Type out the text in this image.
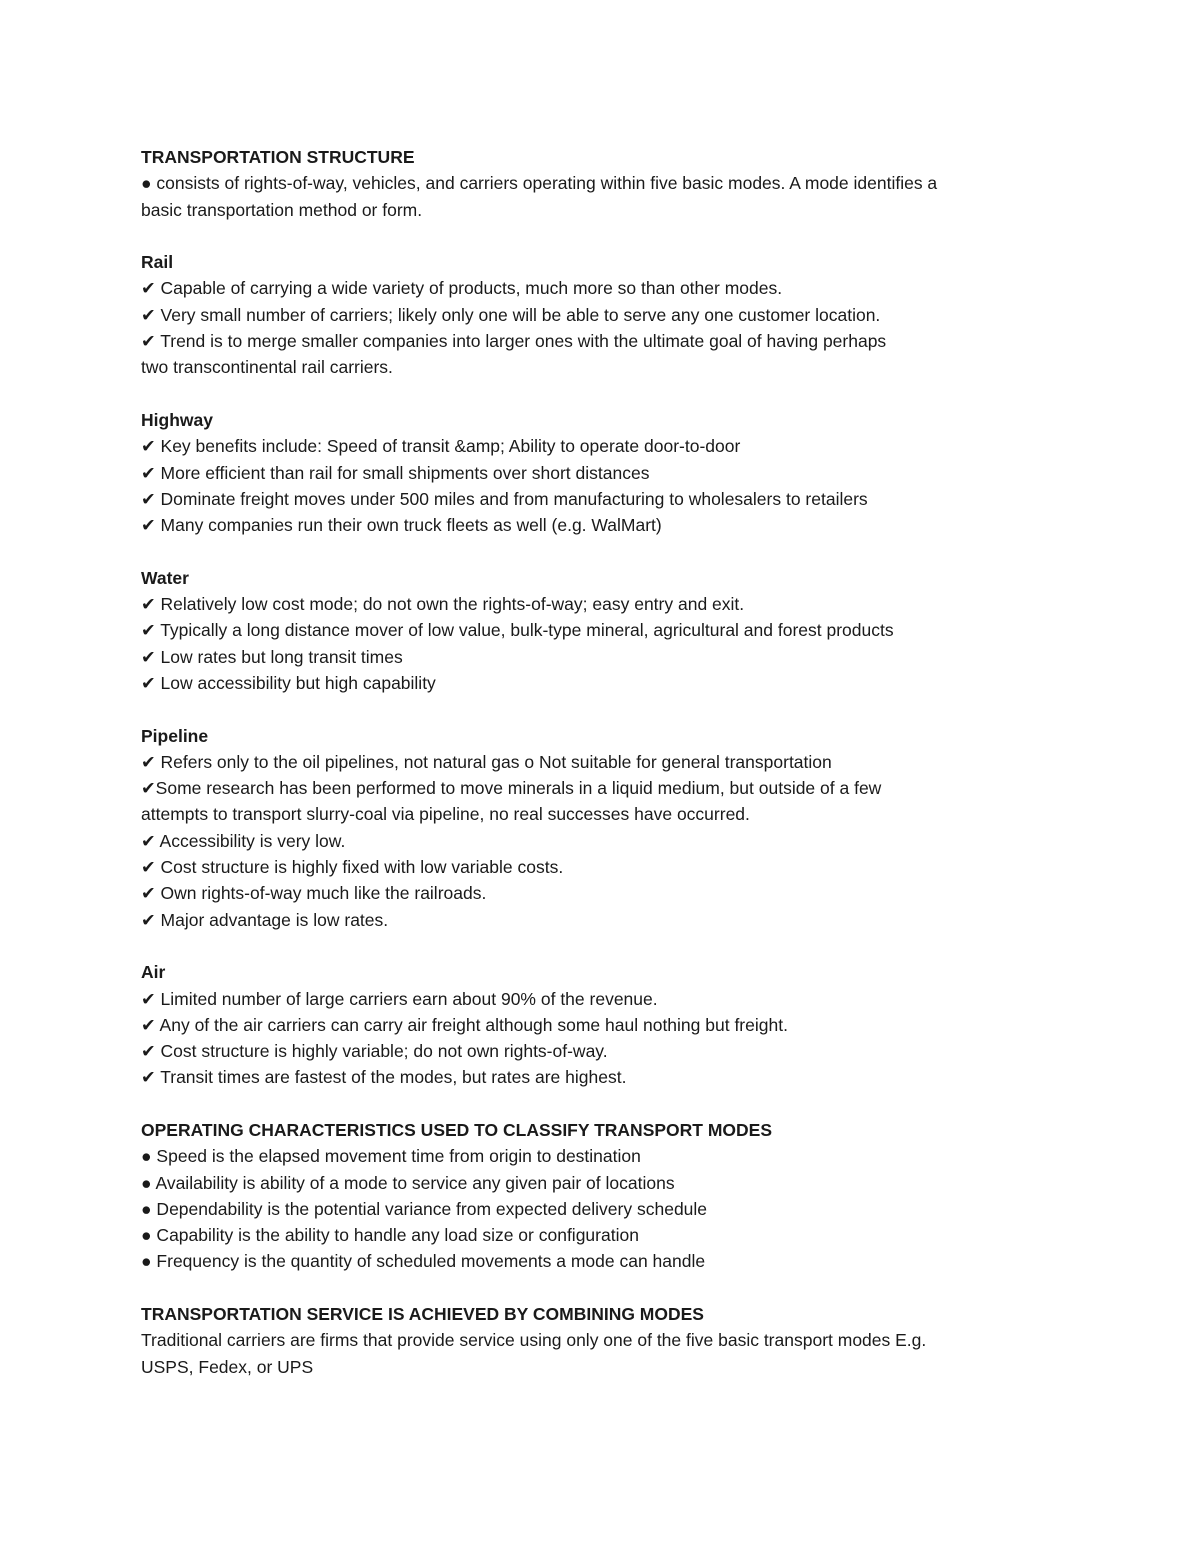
TRANSPORTATION STRUCTURE

● consists of rights-of-way, vehicles, and carriers operating within five basic modes. A mode identifies a

basic transportation method or form.

Rail

✔ Capable of carrying a wide variety of products, much more so than other modes.

✔ Very small number of carriers; likely only one will be able to serve any one customer location.

✔ Trend is to merge smaller companies into larger ones with the ultimate goal of having perhaps

two transcontinental rail carriers.

Highway

✔ Key benefits include: Speed of transit &amp; Ability to operate door-to-door

✔ More efficient than rail for small shipments over short distances

✔ Dominate freight moves under 500 miles and from manufacturing to wholesalers to retailers

✔ Many companies run their own truck fleets as well (e.g. WalMart)

Water

✔ Relatively low cost mode; do not own the rights-of-way; easy entry and exit.

✔ Typically a long distance mover of low value, bulk-type mineral, agricultural and forest products

✔ Low rates but long transit times

✔ Low accessibility but high capability

Pipeline

✔ Refers only to the oil pipelines, not natural gas o Not suitable for general transportation

✔Some research has been performed to move minerals in a liquid medium, but outside of a few

attempts to transport slurry-coal via pipeline, no real successes have occurred.

✔ Accessibility is very low.

✔ Cost structure is highly fixed with low variable costs.

✔ Own rights-of-way much like the railroads.

✔ Major advantage is low rates.

Air

✔ Limited number of large carriers earn about 90% of the revenue.

✔ Any of the air carriers can carry air freight although some haul nothing but freight.

✔ Cost structure is highly variable; do not own rights-of-way.

✔ Transit times are fastest of the modes, but rates are highest.

OPERATING CHARACTERISTICS USED TO CLASSIFY TRANSPORT MODES

● Speed is the elapsed movement time from origin to destination

● Availability is ability of a mode to service any given pair of locations

● Dependability is the potential variance from expected delivery schedule

● Capability is the ability to handle any load size or configuration

● Frequency is the quantity of scheduled movements a mode can handle

TRANSPORTATION SERVICE IS ACHIEVED BY COMBINING MODES

Traditional carriers are firms that provide service using only one of the five basic transport modes E.g.

USPS, Fedex, or UPS
